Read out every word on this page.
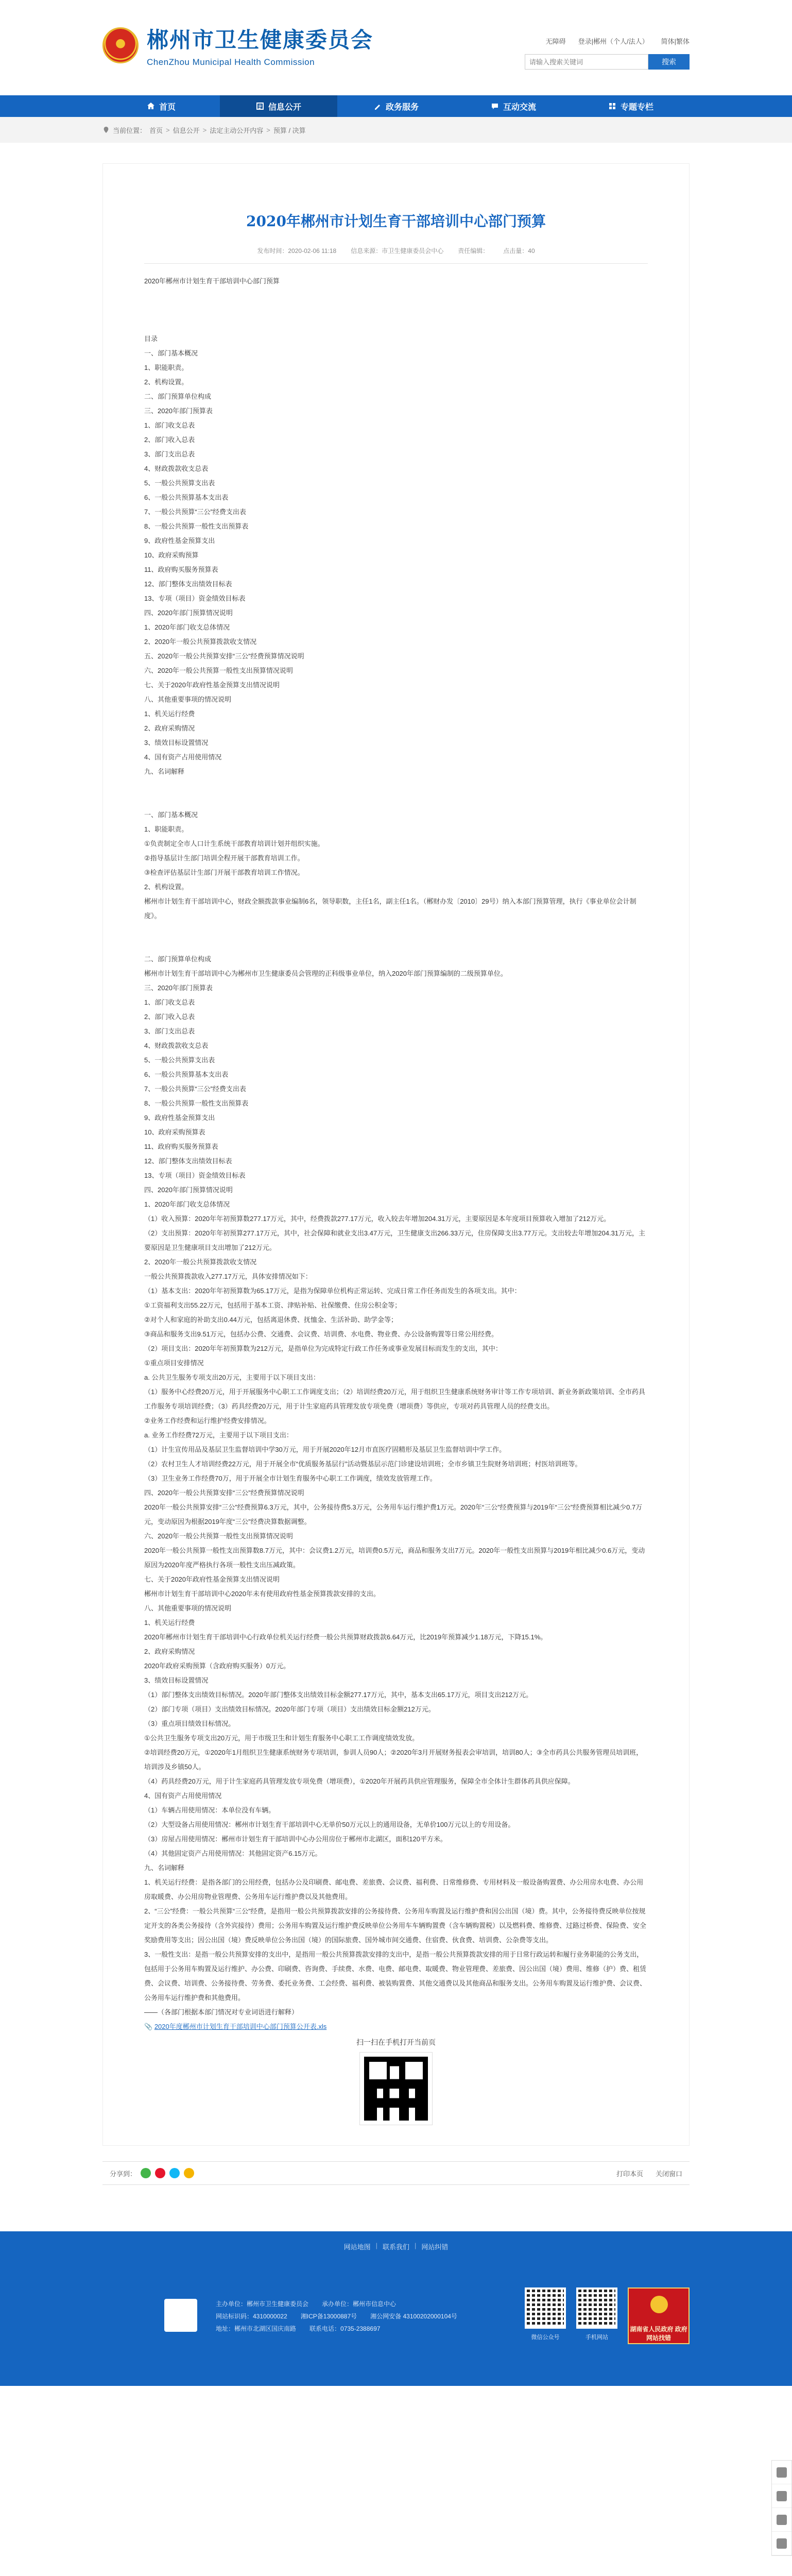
郴州市卫生健康委员会
ChenZhou Municipal Health Commission
无障碍 登录|郴州（个人/法人） 简体|繁体
请输入搜索关键词
搜索
首页	信息公开	政务服务	互动交流	专题专栏
当前位置： 首页 > 信息公开 > 法定主动公开内容 > 预算 / 决算
2020年郴州市计划生育干部培训中心部门预算
发布时间：2020-02-06 11:18 信息来源：市卫生健康委员会中心 责任编辑： 点击量：40

2020年郴州市计划生育干部培训中心部门预算

目录

一、部门基本概况

1、职能职责。

2、机构设置。

二、部门预算单位构成

三、2020年部门预算表

1、部门收支总表

2、部门收入总表

3、部门支出总表

4、财政拨款收支总表

5、一般公共预算支出表

6、一般公共预算基本支出表

7、一般公共预算“三公”经费支出表

8、一般公共预算一般性支出预算表

9、政府性基金预算支出

10、政府采购预算

11、政府购买服务预算表

12、部门整体支出绩效目标表

13、专项（项目）资金绩效目标表

四、2020年部门预算情况说明

1、2020年部门收支总体情况

2、2020年一般公共预算拨款收支情况

五、2020年一般公共预算安排“三公”经费预算情况说明

六、2020年一般公共预算一般性支出预算情况说明

七、关于2020年政府性基金预算支出情况说明

八、其他重要事项的情况说明

1、机关运行经费

2、政府采购情况

3、绩效目标设置情况

4、国有资产占用使用情况

九、名词解释

一、部门基本概况

1、职能职责。

①负责制定全市人口计生系统干部教育培训计划并组织实施。

②指导基层计生部门培训全程开展干部教育培训工作。

③检查评估基层计生部门开展干部教育培训工作情况。

2、机构设置。

郴州市计划生育干部培训中心，财政全额拨款事业编制6名，领导职数，主任1名，副主任1名。（郴财办发〔2010〕29号）纳入本部门预算管理，执行《事业单位会计制度》。

二、部门预算单位构成

郴州市计划生育干部培训中心为郴州市卫生健康委员会管理的正科级事业单位，纳入2020年部门预算编制的二级预算单位。

三、2020年部门预算表

1、部门收支总表

2、部门收入总表

3、部门支出总表

4、财政拨款收支总表

5、一般公共预算支出表

6、一般公共预算基本支出表

7、一般公共预算“三公”经费支出表

8、一般公共预算一般性支出预算表

9、政府性基金预算支出

10、政府采购预算表

11、政府购买服务预算表

12、部门整体支出绩效目标表

13、专项（项目）资金绩效目标表

四、2020年部门预算情况说明

1、2020年部门收支总体情况

（1）收入预算：2020年年初预算数277.17万元，其中，经费拨款277.17万元，收入较去年增加204.31万元，主要原因是本年度项目预算收入增加了212万元。

（2）支出预算：2020年年初预算277.17万元，其中，社会保障和就业支出3.47万元，卫生健康支出266.33万元，住房保障支出3.77万元。支出较去年增加204.31万元，主要原因是卫生健康项目支出增加了212万元。

2、2020年一般公共预算拨款收支情况

一般公共预算拨款收入277.17万元，具体安排情况如下：

（1）基本支出：2020年年初预算数为65.17万元，是指为保障单位机构正常运转、完成日常工作任务而发生的各项支出。其中：

①工资福利支出55.22万元，包括用于基本工资、津贴补贴、社保缴费、住房公积金等；

②对个人和家庭的补助支出0.44万元，包括离退休费、抚恤金、生活补助、助学金等；

③商品和服务支出9.51万元，包括办公费、交通费、会议费、培训费、水电费、物业费、办公设备购置等日常公用经费。

（2）项目支出：2020年年初预算数为212万元，是指单位为完成特定行政工作任务或事业发展目标而发生的支出，其中：

①重点项目安排情况

a. 公共卫生服务专项支出20万元，主要用于以下项目支出：

（1）服务中心经费20万元，用于开展服务中心职工工作调度支出；（2）培训经费20万元，用于组织卫生健康系统财务审计等工作专项培训、新业务新政策培训、全市药具工作服务专项培训经费；（3）药具经费20万元，用于计生家庭药具管理发放专项免费（增项费）等供应，专项对药具管理人员的经费支出。

②业务工作经费和运行维护经费安排情况。

a. 业务工作经费72万元，主要用于以下项目支出：

（1）计生宣传用品及基层卫生监督培训中学30万元，用于开展2020年12月市直医疗固精形及基层卫生监督培训中学工作。

（2）农村卫生人才培训经费22万元，用于开展全市“优质服务基层行”活动暨基层示范门诊建设培训班；全市乡镇卫生院财务培训班；村医培训班等。

（3）卫生业务工作经费70万，用于开展全市计划生育服务中心职工工作调度，绩效发放管理工作。

四、2020年一般公共预算安排“三公”经费预算情况说明

2020年一般公共预算安排“三公”经费预算6.3万元，其中，公务接待费5.3万元，公务用车运行维护费1万元。2020年“三公”经费预算与2019年“三公”经费预算相比减少0.7万元，变动原因为根据2019年度“三公”经费决算数据调整。

六、2020年一般公共预算一般性支出预算情况说明

2020年一般公共预算一般性支出预算数8.7万元，其中：会议费1.2万元，培训费0.5万元，商品和服务支出7万元。2020年一般性支出预算与2019年相比减少0.6万元，变动原因为2020年度严格执行各项一般性支出压减政策。

七、关于2020年政府性基金预算支出情况说明

郴州市计划生育干部培训中心2020年未有使用政府性基金预算拨款安排的支出。

八、其他重要事项的情况说明

1、机关运行经费

2020年郴州市计划生育干部培训中心行政单位机关运行经费一般公共预算财政拨款6.64万元，比2019年预算减少1.18万元，下降15.1%。

2、政府采购情况

2020年政府采购预算（含政府购买服务）0万元。

3、绩效目标设置情况

（1）部门整体支出绩效目标情况。2020年部门整体支出绩效目标金额277.17万元，其中，基本支出65.17万元，项目支出212万元。

（2）部门专项（项目）支出绩效目标情况。2020年部门专项（项目）支出绩效目标金额212万元。

（3）重点项目绩效目标情况。

①公共卫生服务专项支出20万元，用于市级卫生和计划生育服务中心职工工作调度绩效发放。

②培训经费20万元，①2020年1月组织卫生健康系统财务专项培训，参训人员90人；②2020年3月开展财务报表会审培训，培训80人；③全市药具公共服务管理员培训班，培训涉及乡镇50人。

（4）药具经费20万元，用于计生家庭药具管理发放专项免费（增项费），①2020年开展药具供应管理服务，保障全市全体计生群体药具供应保障。

4、国有资产占用使用情况

（1）车辆占用使用情况：本单位没有车辆。

（2）大型设备占用使用情况：郴州市计划生育干部培训中心无单价50万元以上的通用设备，无单价100万元以上的专用设备。

（3）房屋占用使用情况：郴州市计划生育干部培训中心办公用房位于郴州市北湖区，面积120平方米。

（4）其他固定资产占用使用情况：其他固定资产6.15万元。

九、名词解释

1、机关运行经费：是指各部门的公用经费，包括办公及印刷费、邮电费、差旅费、会议费、福利费、日常维修费、专用材料及一般设备购置费、办公用房水电费、办公用房取暖费、办公用房物业管理费、公务用车运行维护费以及其他费用。

2、“三公”经费：一般公共预算“三公”经费，是指用一般公共预算拨款安排的公务接待费、公务用车购置及运行维护费和因公出国（境）费。其中，公务接待费反映单位按规定开支的各类公务接待（含外宾接待）费用；公务用车购置及运行维护费反映单位公务用车车辆购置费（含车辆购置税）以及燃料费、维修费、过路过桥费、保险费、安全奖励费用等支出；因公出国（境）费反映单位公务出国（境）的国际旅费、国外城市间交通费、住宿费、伙食费、培训费、公杂费等支出。

3、一般性支出：是指一般公共预算安排的支出中，是指用一般公共预算拨款安排的支出中，是指一般公共预算拨款安排的用于日常行政运转和履行业务职能的公务支出，包括用于公务用车购置及运行维护、办公费、印刷费、咨询费、手续费、水费、电费、邮电费、取暖费、物业管理费、差旅费、因公出国（境）费用、维修（护）费、租赁费、会议费、培训费、公务接待费、劳务费、委托业务费、工会经费、福利费、被装购置费、其他交通费以及其他商品和服务支出。公务用车购置及运行维护费、会议费、公务用车运行维护费和其他费用。

——（各部门根据本部门情况对专业词语进行解释）

📎 2020年度郴州市计划生育干部培训中心部门预算公开表.xls

扫一扫在手机打开当前页
分享到：	打印本页 关闭窗口
网站地图 | 联系我们 | 网站纠错
主办单位：郴州市卫生健康委员会 承办单位：郴州市信息中心
网站标识码：4310000022 湘ICP备13000887号 湘公网安备 43100202000104号
地址：郴州市北湖区国庆南路 联系电话：0735-2388697
微信公众号	手机网站
湖南省人民政府 政府网站找错
